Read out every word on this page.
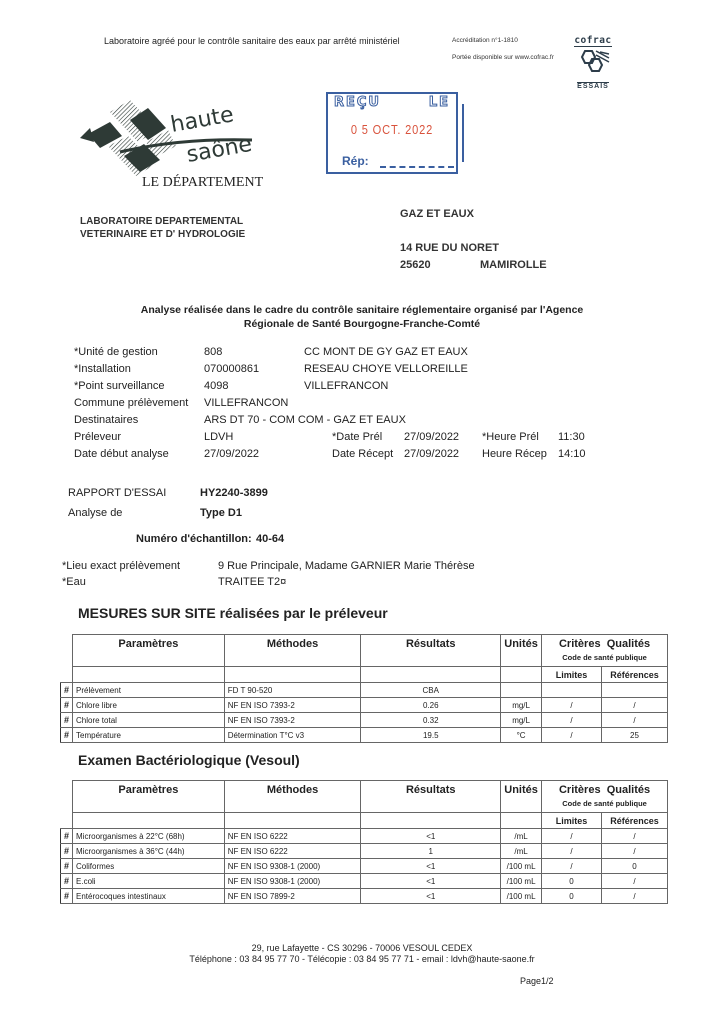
Laboratoire agréé pour le contrôle sanitaire des eaux par arrêté ministériel	Accréditation n°1-1810
Portée disponible sur www.cofrac.fr
cofrac
ESSAIS
REÇU	LE
0 5 OCT. 2022
Rép:
haute
saône
LE DÉPARTEMENT
LABORATOIRE DEPARTEMENTAL
VETERINAIRE ET D' HYDROLOGIE
GAZ ET EAUX
14 RUE DU NORET
25620	MAMIROLLE
Analyse réalisée dans le cadre du contrôle sanitaire réglementaire organisé par l'Agence
Régionale de Santé Bourgogne-Franche-Comté
*Unité de gestion	808	CC MONT DE GY GAZ ET EAUX
*Installation	070000861	RESEAU CHOYE VELLOREILLE
*Point surveillance	4098	VILLEFRANCON
Commune prélèvement VILLEFRANCON
Destinataires	ARS DT 70 - COM COM - GAZ ET EAUX
Préleveur	LDVH	*Date Prél 27/09/2022 *Heure Prél 11:30
Date début analyse	27/09/2022	Date Récept 27/09/2022 Heure Récep 14:10
RAPPORT D'ESSAI	HY2240-3899
Analyse de	Type D1
Numéro d'échantillon: 40-64
*Lieu exact prélèvement	9 Rue Principale, Madame GARNIER Marie Thérèse
*Eau	TRAITEE T2¤
MESURES SUR SITE réalisées par le préleveur
	Paramètres	Méthodes	Résultats	Unités	Critères Qualités
Code de santé publique	

					Limites	Références
#	Prélèvement	FD T 90-520	CBA			
#	Chlore libre	NF EN ISO 7393-2	0.26	mg/L	/	/
#	Chlore total	NF EN ISO 7393-2	0.32	mg/L	/	/
#	Température	Détermination T°C v3	19.5	°C	/	25
Examen Bactériologique (Vesoul)
	Paramètres	Méthodes	Résultats	Unités	Critères Qualités
Code de santé publique	

					Limites	Références
#	Microorganismes à 22°C (68h)	NF EN ISO 6222	<1	/mL	/	/
#	Microorganismes à 36°C (44h)	NF EN ISO 6222	1	/mL	/	/
#	Coliformes	NF EN ISO 9308-1 (2000)	<1	/100 mL	/	0
#	E.coli	NF EN ISO 9308-1 (2000)	<1	/100 mL	0	/
#	Entérocoques intestinaux	NF EN ISO 7899-2	<1	/100 mL	0	/
29, rue Lafayette - CS 30296 - 70006 VESOUL CEDEX
Téléphone : 03 84 95 77 70 - Télécopie : 03 84 95 77 71 - email : ldvh@haute-saone.fr
Page1/2
